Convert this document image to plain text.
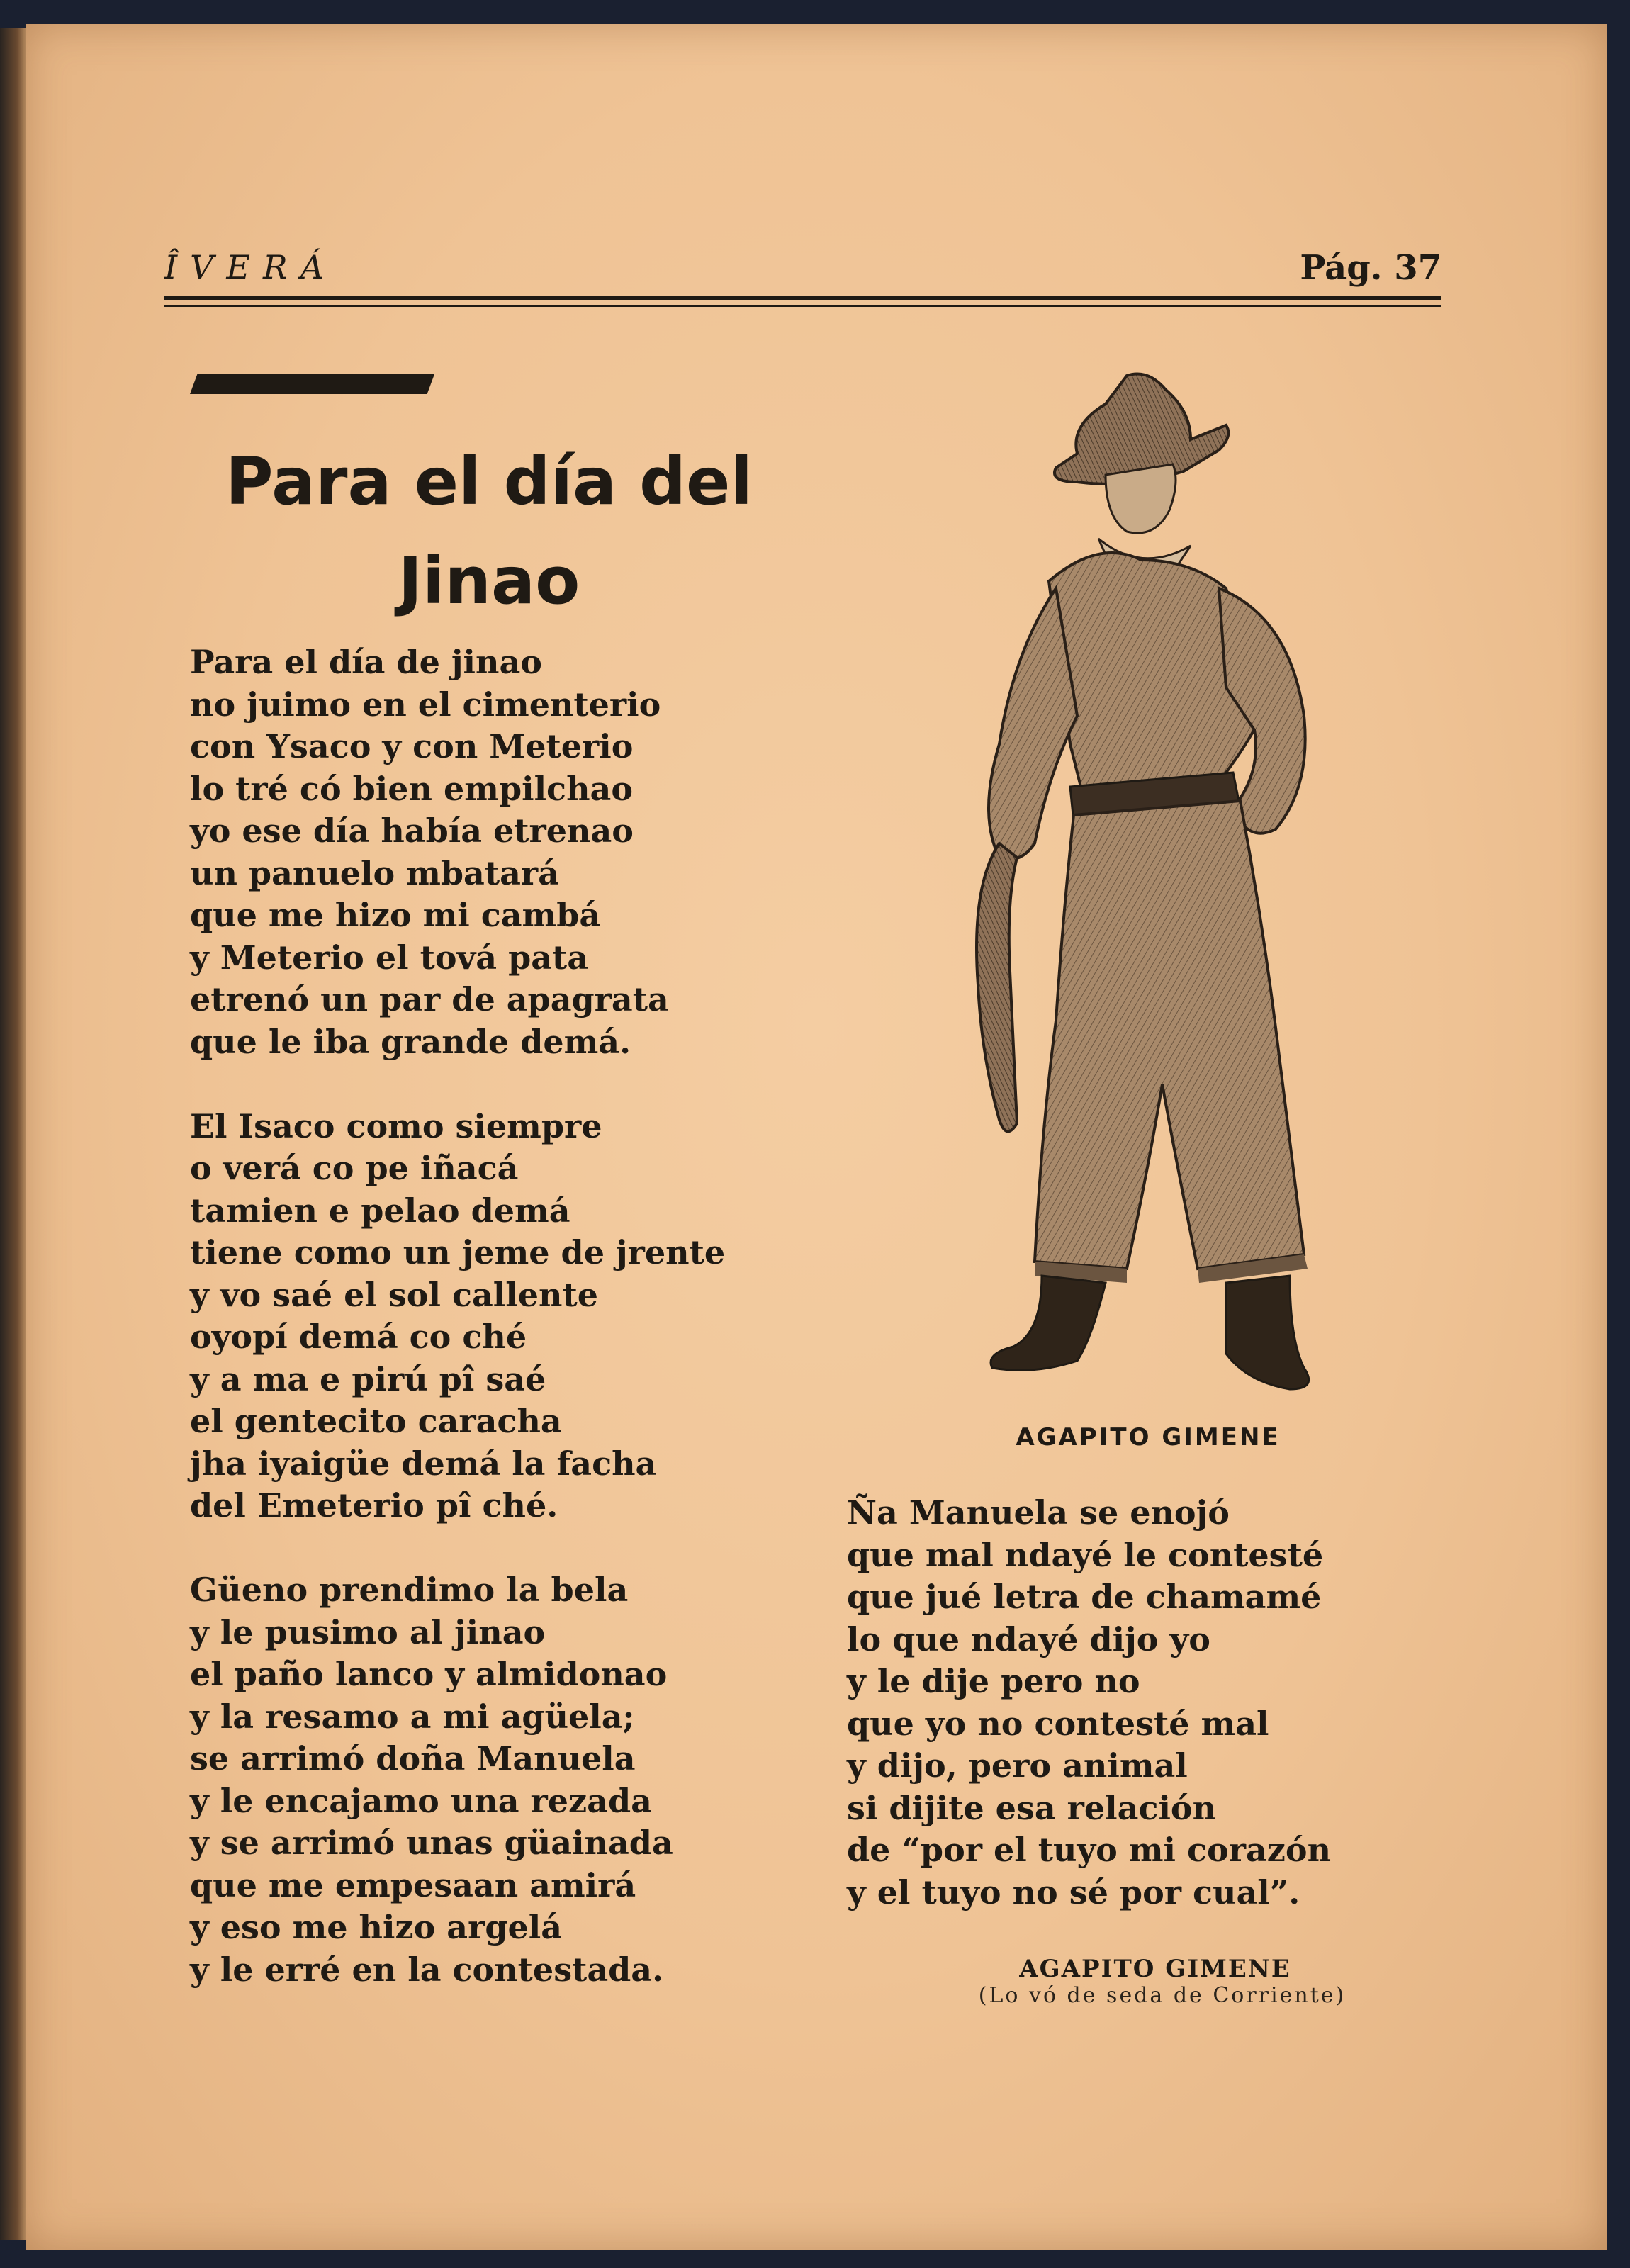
ÎVERÁ	Pág. 37
Para el día del
Jinao
Para el día de jinao
no juimo en el cimenterio
con Ysaco y con Meterio
lo tré có bien empilchao
yo ese día había etrenao
un panuelo mbatará
que me hizo mi cambá
y Meterio el tová pata
etrenó un par de apagrata
que le iba grande demá.
El Isaco como siempre
o verá co pe iñacá
tamien e pelao demá
tiene como un jeme de jrente
y vo saé el sol callente
oyopí demá co ché
y a ma e pirú pî saé
el gentecito caracha
jha iyaigüe demá la facha
del Emeterio pî ché.
Güeno prendimo la bela
y le pusimo al jinao
el paño lanco y almidonao
y la resamo a mi agüela;
se arrimó doña Manuela
y le encajamo una rezada
y se arrimó unas güainada
que me empesaan amirá
y eso me hizo argelá
y le erré en la contestada.
AGAPITO GIMENE
Ña Manuela se enojó
que mal ndayé le contesté
que jué letra de chamamé
lo que ndayé dijo yo
y le dije pero no
que yo no contesté mal
y dijo, pero animal
si dijite esa relación
de “por el tuyo mi corazón
y el tuyo no sé por cual”.
AGAPITO GIMENE
(Lo vó de seda de Corriente)
